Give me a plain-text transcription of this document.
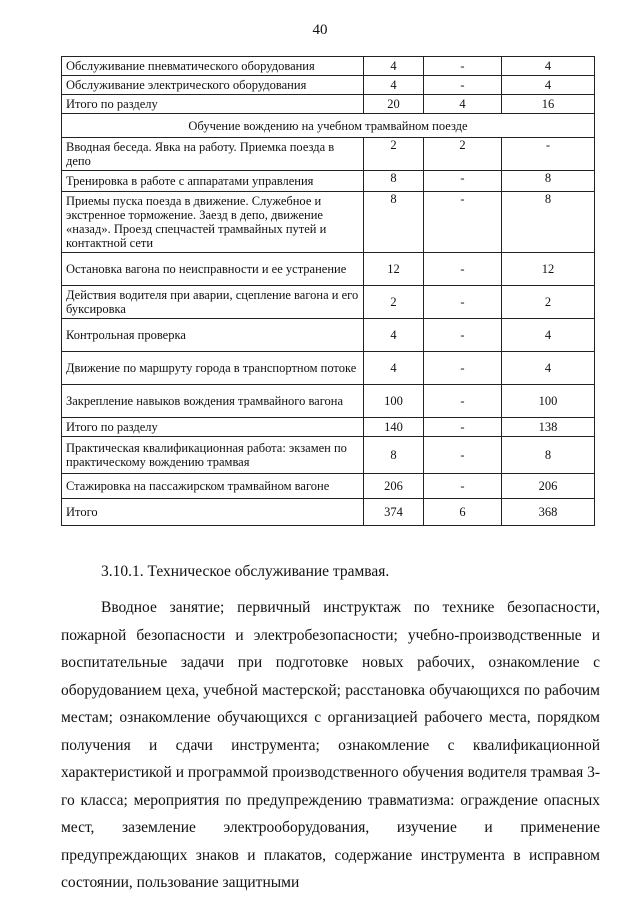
40
Обслуживание пневматического оборудования	4	-	4
Обслуживание электрического оборудования	4	-	4
Итого по разделу	20	4	16
Обучение вождению на учебном трамвайном поезде			
Вводная беседа. Явка на работу. Приемка поезда в депо	2	2	-
Тренировка в работе с аппаратами управления	8	-	8
Приемы пуска поезда в движение. Служебное и экстренное торможение. Заезд в депо, движение «назад». Проезд спецчастей трамвайных путей и контактной сети	8	-	8
Остановка вагона по неисправности и ее устранение	12	-	12
Действия водителя при аварии, сцепление вагона и его буксировка	2	-	2
Контрольная проверка	4	-	4
Движение по маршруту города в транспортном потоке	4	-	4
Закрепление навыков вождения трамвайного вагона	100	-	100
Итого по разделу	140	-	138
Практическая квалификационная работа: экзамен по практическому вождению трамвая	8	-	8
Стажировка на пассажирском трамвайном вагоне	206	-	206
Итого	374	6	368
3.10.1. Техническое обслуживание трамвая.

Вводное занятие; первичный инструктаж по технике безопасности, пожарной безопасности и электробезопасности; учебно-производственные и воспитательные задачи при подготовке новых рабочих, ознакомление с оборудованием цеха, учебной мастерской; расстановка обучающихся по рабочим местам; ознакомление обучающихся с организацией рабочего места, порядком получения и сдачи инструмента; ознакомление с квалификационной характеристикой и программой производственного обучения водителя трамвая 3-го класса; мероприятия по предупреждению травматизма: ограждение опасных мест, заземление электрооборудования, изучение и применение предупреждающих знаков и плакатов, содержание инструмента в исправном состоянии, пользование защитными
